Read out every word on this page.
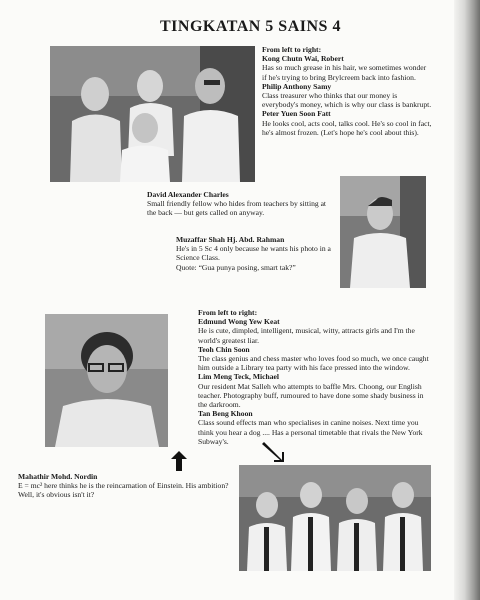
TINGKATAN 5 SAINS 4

From left to right:

Kong Chutn Wai, Robert

Has so much grease in his hair, we sometimes wonder if he's trying to bring Brylcreem back into fashion.

Philip Anthony Samy

Class treasurer who thinks that our money is everybody's money, which is why our class is bankrupt.

Peter Yuen Soon Fatt

He looks cool, acts cool, talks cool. He's so cool in fact, he's almost frozen. (Let's hope he's cool about this).

David Alexander Charles

Small friendly fellow who hides from teachers by sitting at the back — but gets called on anyway.

Muzaffar Shah Hj. Abd. Rahman

He's in 5 Sc 4 only because he wants his photo in a Science Class.

Quote: “Gua punya posing, smart tak?”

From left to right:

Edmund Wong Yew Keat

He is cute, dimpled, intelligent, musical, witty, attracts girls and I'm the world's greatest liar.

Teoh Chin Soon

The class genius and chess master who loves food so much, we once caught him outside a Library tea party with his face pressed into the window.

Lim Meng Teck, Michael

Our resident Mat Salleh who attempts to baffle Mrs. Choong, our English teacher. Photography buff, rumoured to have done some shady business in the darkroom.

Tan Beng Khoon

Class sound effects man who specialises in canine noises. Next time you think you hear a dog .... Has a personal timetable that rivals the New York Subway's.

Mahathir Mohd. Nordin

E = mc² here thinks he is the reincarnation of Einstein. His ambition? Well, it's obvious isn't it?
